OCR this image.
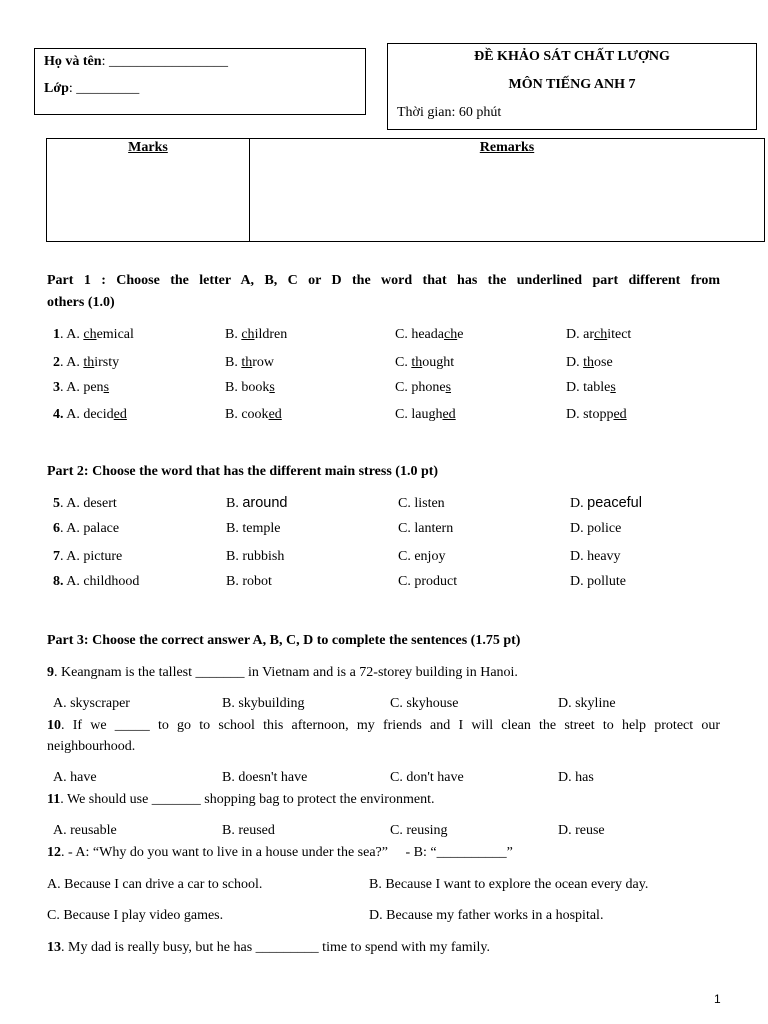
Họ và tên: _________________
Lớp: _________
ĐỀ KHẢO SÁT CHẤT LƯỢNG
MÔN TIẾNG ANH 7
Thời gian: 60 phút
Marks	Remarks
Part 1 : Choose the letter A, B, C or D the word that has the underlined part different from
others (1.0)
1. A. chemical	B. children	C. headache	D. architect
2. A. thirsty	B. throw	C. thought	D. those
3. A. pens	B. books	C. phones	D. tables
4. A. decided	B. cooked	C. laughed	D. stopped
Part 2: Choose the word that has the different main stress (1.0 pt)
5. A. desert	B. around	C. listen	D. peaceful
6. A. palace	B. temple	C. lantern	D. police
7. A. picture	B. rubbish	C. enjoy	D. heavy
8. A. childhood	B. robot	C. product	D. pollute
Part 3: Choose the correct answer A, B, C, D to complete the sentences (1.75 pt)
9. Keangnam is the tallest _______ in Vietnam and is a 72-storey building in Hanoi.
A. skyscraper	B. skybuilding	C. skyhouse	D. skyline
10. If we _____ to go to school this afternoon, my friends and I will clean the street to help protect our
neighbourhood.
A. have	B. doesn't have	C. don't have	D. has
11. We should use _______ shopping bag to protect the environment.
A. reusable	B. reused	C. reusing	D. reuse
12. - A: “Why do you want to live in a house under the sea?”     - B: “__________”
A. Because I can drive a car to school.	B. Because I want to explore the ocean every day.
C. Because I play video games.	D. Because my father works in a hospital.
13. My dad is really busy, but he has _________ time to spend with my family.
1
